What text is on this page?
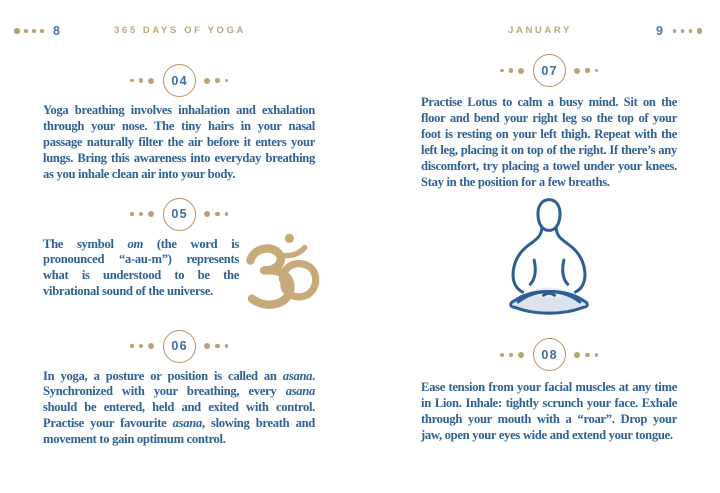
8	365 DAYS OF YOGA
04

Yoga breathing involves inhalation and exhalation through your nose. The tiny hairs in your nasal passage naturally filter the air before it enters your lungs. Bring this awareness into everyday breathing as you inhale clean air into your body.

05

The symbol om (the word is pronounced “a-au-m”) represents what is understood to be the vibrational sound of the universe.

06

In yoga, a posture or position is called an asana. Synchronized with your breathing, every asana should be entered, held and exited with control. Practise your favourite asana, slowing breath and movement to gain optimum control.

JANUARY	9
07

Practise Lotus to calm a busy mind. Sit on the floor and bend your right leg so the top of your foot is resting on your left thigh. Repeat with the left leg, placing it on top of the right. If there’s any discomfort, try placing a towel under your knees. Stay in the position for a few breaths.

08

Ease tension from your facial muscles at any time in Lion. Inhale: tightly scrunch your face. Exhale through your mouth with a “roar”. Drop your jaw, open your eyes wide and extend your tongue.
